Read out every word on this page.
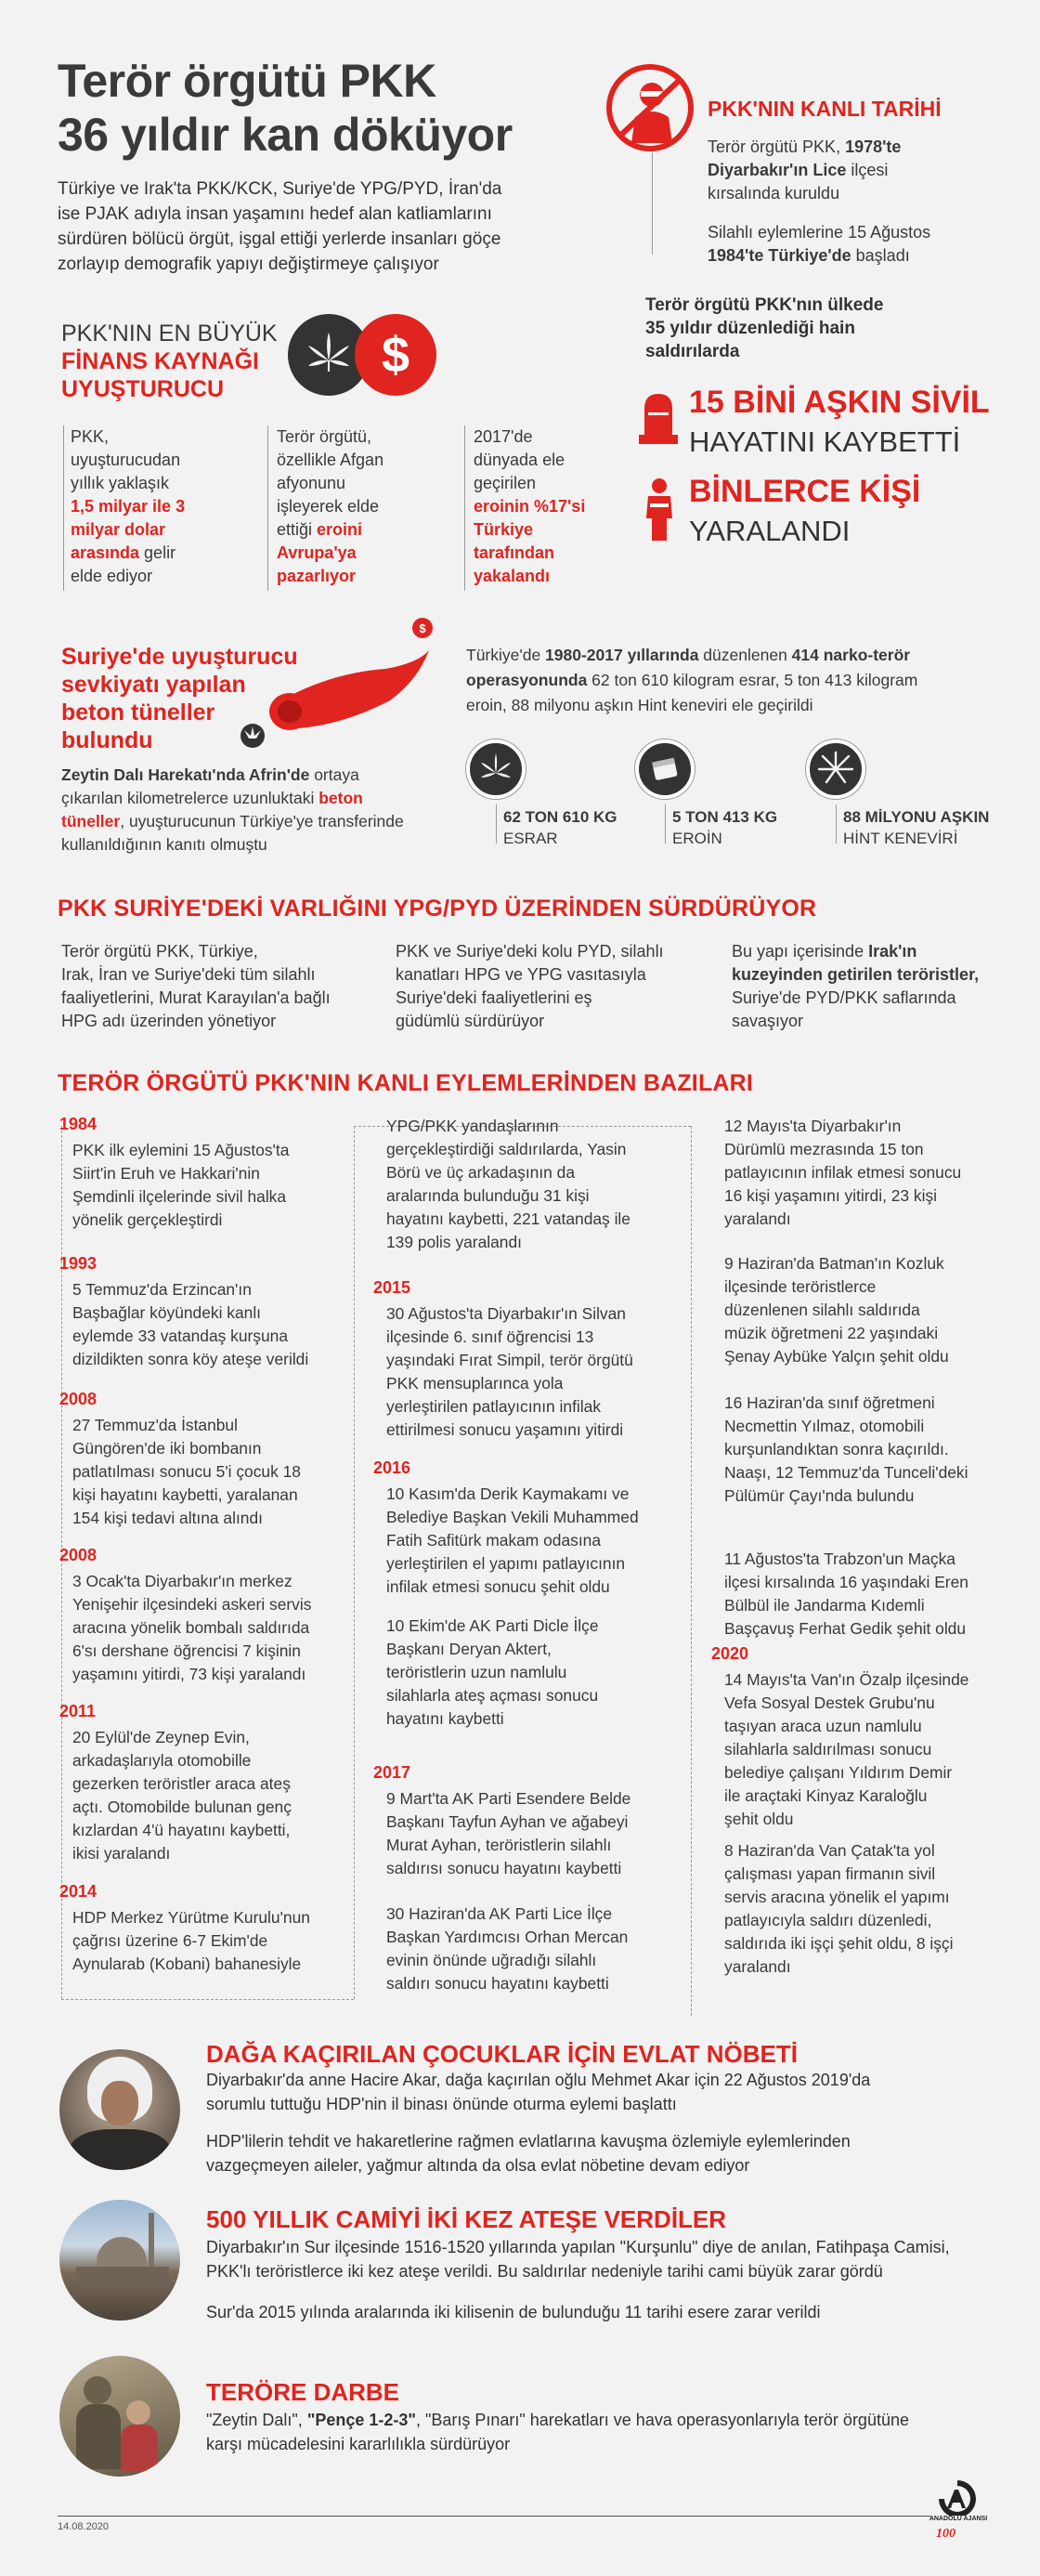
Terör örgütü PKK
36 yıldır kan döküyor
Türkiye ve Irak'ta PKK/KCK, Suriye'de YPG/PYD, İran'da
ise PJAK adıyla insan yaşamını hedef alan katliamlarını
sürdüren bölücü örgüt, işgal ettiği yerlerde insanları göçe
zorlayıp demografik yapıyı değiştirmeye çalışıyor
PKK'NIN KANLI TARİHİ
Terör örgütü PKK, 1978'te
Diyarbakır'ın Lice ilçesi
kırsalında kuruldu
Silahlı eylemlerine 15 Ağustos
1984'te Türkiye'de başladı
Terör örgütü PKK'nın ülkede
35 yıldır düzenlediği hain
saldırılarda
15 BİNİ AŞKIN SİVİL
HAYATINI KAYBETTİ
BİNLERCE KİŞİ
YARALANDI
PKK'NIN EN BÜYÜK
FİNANS KAYNAĞI
UYUŞTURUCU
$
PKK,
uyuşturucudan
yıllık yaklaşık
1,5 milyar ile 3
milyar dolar
arasında gelir
elde ediyor
Terör örgütü,
özellikle Afgan
afyonunu
işleyerek elde
ettiği eroini
Avrupa'ya
pazarlıyor
2017'de
dünyada ele
geçirilen
eroinin %17'si
Türkiye
tarafından
yakalandı
Suriye'de uyuşturucu
sevkiyatı yapılan
beton tüneller
bulundu
$
Zeytin Dalı Harekatı'nda Afrin'de ortaya
çıkarılan kilometrelerce uzunluktaki beton
tüneller, uyuşturucunun Türkiye'ye transferinde
kullanıldığının kanıtı olmuştu
Türkiye'de 1980-2017 yıllarında düzenlenen 414 narko-terör
operasyonunda 62 ton 610 kilogram esrar, 5 ton 413 kilogram
eroin, 88 milyonu aşkın Hint keneviri ele geçirildi
62 TON 610 KG
ESRAR
5 TON 413 KG
EROİN
88 MİLYONU AŞKIN
HİNT KENEVİRİ
PKK SURİYE'DEKİ VARLIĞINI YPG/PYD ÜZERİNDEN SÜRDÜRÜYOR
Terör örgütü PKK, Türkiye,
Irak, İran ve Suriye'deki tüm silahlı
faaliyetlerini, Murat Karayılan'a bağlı
HPG adı üzerinden yönetiyor
PKK ve Suriye'deki kolu PYD, silahlı
kanatları HPG ve YPG vasıtasıyla
Suriye'deki faaliyetlerini eş
güdümlü sürdürüyor
Bu yapı içerisinde Irak'ın
kuzeyinden getirilen teröristler,
Suriye'de PYD/PKK saflarında
savaşıyor
TERÖR ÖRGÜTÜ PKK'NIN KANLI EYLEMLERİNDEN BAZILARI
1984
PKK ilk eylemini 15 Ağustos'ta
Siirt'in Eruh ve Hakkari'nin
Şemdinli ilçelerinde sivil halka
yönelik gerçekleştirdi
1993
5 Temmuz'da Erzincan'ın
Başbağlar köyündeki kanlı
eylemde 33 vatandaş kurşuna
dizildikten sonra köy ateşe verildi
2008
27 Temmuz'da İstanbul
Güngören'de iki bombanın
patlatılması sonucu 5'i çocuk 18
kişi hayatını kaybetti, yaralanan
154 kişi tedavi altına alındı
2008
3 Ocak'ta Diyarbakır'ın merkez
Yenişehir ilçesindeki askeri servis
aracına yönelik bombalı saldırıda
6'sı dershane öğrencisi 7 kişinin
yaşamını yitirdi, 73 kişi yaralandı
2011
20 Eylül'de Zeynep Evin,
arkadaşlarıyla otomobille
gezerken teröristler araca ateş
açtı. Otomobilde bulunan genç
kızlardan 4'ü hayatını kaybetti,
ikisi yaralandı
2014
HDP Merkez Yürütme Kurulu'nun
çağrısı üzerine 6-7 Ekim'de
Aynularab (Kobani) bahanesiyle
YPG/PKK yandaşlarının
gerçekleştirdiği saldırılarda, Yasin
Börü ve üç arkadaşının da
aralarında bulunduğu 31 kişi
hayatını kaybetti, 221 vatandaş ile
139 polis yaralandı
2015
30 Ağustos'ta Diyarbakır'ın Silvan
ilçesinde 6. sınıf öğrencisi 13
yaşındaki Fırat Simpil, terör örgütü
PKK mensuplarınca yola
yerleştirilen patlayıcının infilak
ettirilmesi sonucu yaşamını yitirdi
2016
10 Kasım'da Derik Kaymakamı ve
Belediye Başkan Vekili Muhammed
Fatih Safitürk makam odasına
yerleştirilen el yapımı patlayıcının
infilak etmesi sonucu şehit oldu
10 Ekim'de AK Parti Dicle İlçe
Başkanı Deryan Aktert,
teröristlerin uzun namlulu
silahlarla ateş açması sonucu
hayatını kaybetti
2017
9 Mart'ta AK Parti Esendere Belde
Başkanı Tayfun Ayhan ve ağabeyi
Murat Ayhan, teröristlerin silahlı
saldırısı sonucu hayatını kaybetti
30 Haziran'da AK Parti Lice İlçe
Başkan Yardımcısı Orhan Mercan
evinin önünde uğradığı silahlı
saldırı sonucu hayatını kaybetti
12 Mayıs'ta Diyarbakır'ın
Dürümlü mezrasında 15 ton
patlayıcının infilak etmesi sonucu
16 kişi yaşamını yitirdi, 23 kişi
yaralandı
9 Haziran'da Batman'ın Kozluk
ilçesinde teröristlerce
düzenlenen silahlı saldırıda
müzik öğretmeni 22 yaşındaki
Şenay Aybüke Yalçın şehit oldu
16 Haziran'da sınıf öğretmeni
Necmettin Yılmaz, otomobili
kurşunlandıktan sonra kaçırıldı.
Naaşı, 12 Temmuz'da Tunceli'deki
Pülümür Çayı'nda bulundu
11 Ağustos'ta Trabzon'un Maçka
ilçesi kırsalında 16 yaşındaki Eren
Bülbül ile Jandarma Kıdemli
Başçavuş Ferhat Gedik şehit oldu
2020
14 Mayıs'ta Van'ın Özalp ilçesinde
Vefa Sosyal Destek Grubu'nu
taşıyan araca uzun namlulu
silahlarla saldırılması sonucu
belediye çalışanı Yıldırım Demir
ile araçtaki Kinyaz Karaloğlu
şehit oldu
8 Haziran'da Van Çatak'ta yol
çalışması yapan firmanın sivil
servis aracına yönelik el yapımı
patlayıcıyla saldırı düzenledi,
saldırıda iki işçi şehit oldu, 8 işçi
yaralandı
DAĞA KAÇIRILAN ÇOCUKLAR İÇİN EVLAT NÖBETİ
Diyarbakır'da anne Hacire Akar, dağa kaçırılan oğlu Mehmet Akar için 22 Ağustos 2019'da
sorumlu tuttuğu HDP'nin il binası önünde oturma eylemi başlattı
HDP'lilerin tehdit ve hakaretlerine rağmen evlatlarına kavuşma özlemiyle eylemlerinden
vazgeçmeyen aileler, yağmur altında da olsa evlat nöbetine devam ediyor
500 YILLIK CAMİYİ İKİ KEZ ATEŞE VERDİLER
Diyarbakır'ın Sur ilçesinde 1516-1520 yıllarında yapılan "Kurşunlu" diye de anılan, Fatihpaşa Camisi,
PKK'lı teröristlerce iki kez ateşe verildi. Bu saldırılar nedeniyle tarihi cami büyük zarar gördü
Sur'da 2015 yılında aralarında iki kilisenin de bulunduğu 11 tarihi esere zarar verildi
TERÖRE DARBE
"Zeytin Dalı", "Pençe 1-2-3", "Barış Pınarı" harekatları ve hava operasyonlarıyla terör örgütüne
karşı mücadelesini kararlılıkla sürdürüyor
14.08.2020
ANADOLU AJANSI
100
